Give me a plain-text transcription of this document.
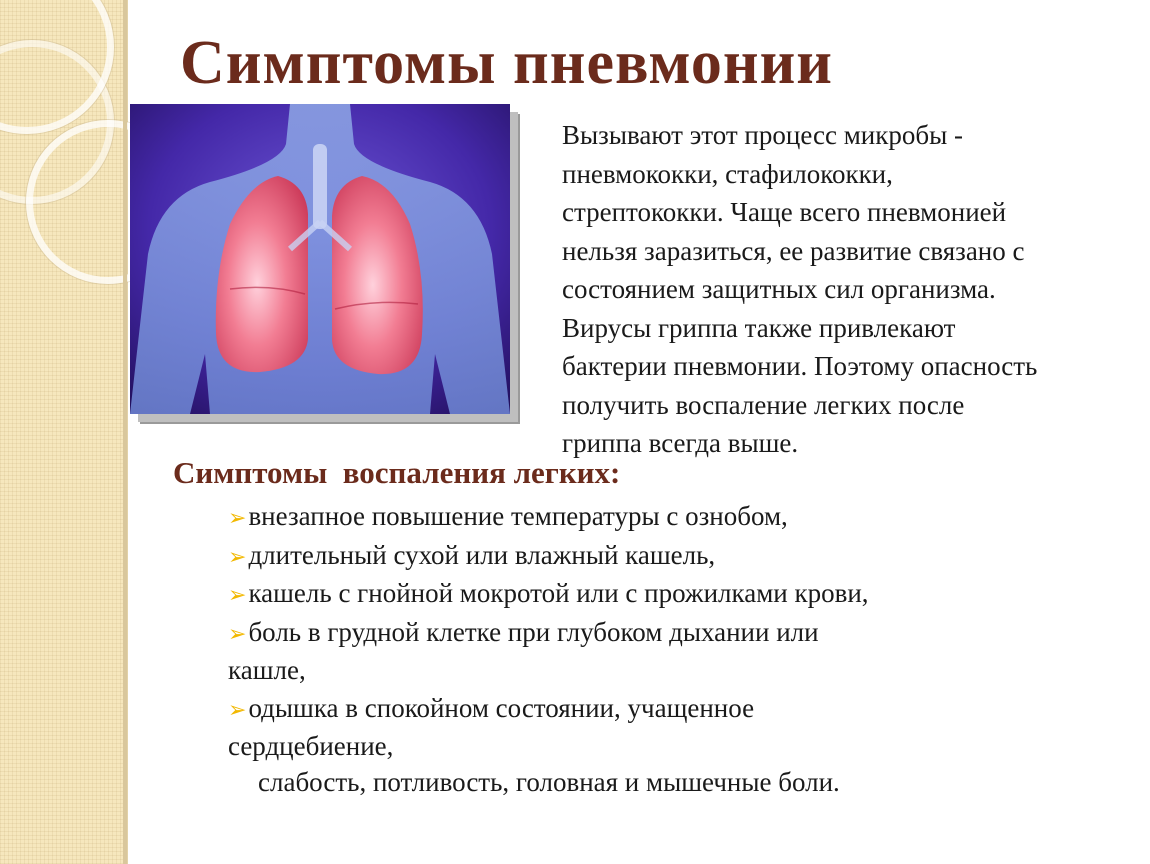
Симптомы пневмонии

Вызывают этот процесс микробы -
пневмококки, стафилококки,
стрептококки. Чаще всего пневмонией
нельзя заразиться, ее развитие связано с
состоянием защитных сил организма.
Вирусы гриппа также привлекают
бактерии пневмонии. Поэтому опасность
получить воспаление легких после
гриппа всегда выше.

Симптомы  воспаления легких:
➢внезапное повышение температуры с ознобом,
➢длительный сухой или влажный кашель,
➢кашель с гнойной мокротой или с прожилками крови,
➢боль в грудной клетке при глубоком дыхании или
кашле,
➢одышка в спокойном состоянии, учащенное
сердцебиение,

слабость, потливость, головная и мышечные боли.
